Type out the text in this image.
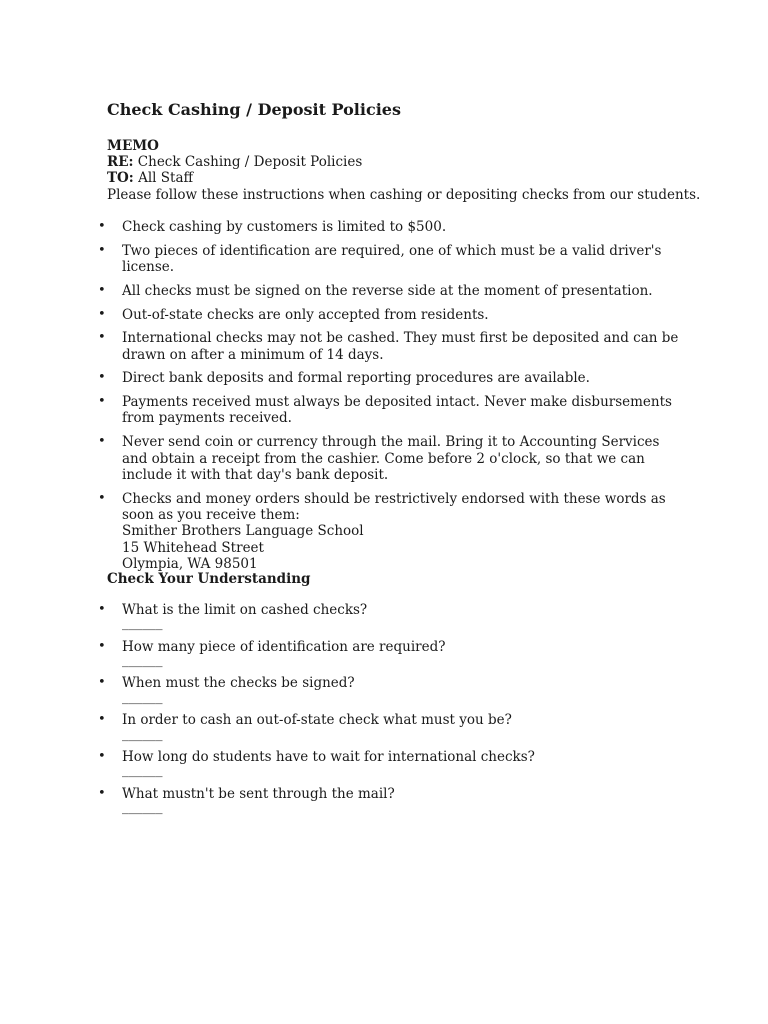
Check Cashing / Deposit Policies
MEMO
RE: Check Cashing / Deposit Policies
TO: All Staff
Please follow these instructions when cashing or depositing checks from our students.
• Check cashing by customers is limited to $500.
• Two pieces of identification are required, one of which must be a valid driver's license.
• All checks must be signed on the reverse side at the moment of presentation.
• Out-of-state checks are only accepted from residents.
• International checks may not be cashed. They must first be deposited and can be drawn on after a minimum of 14 days.
• Direct bank deposits and formal reporting procedures are available.
• Payments received must always be deposited intact. Never make disbursements from payments received.
• Never send coin or currency through the mail. Bring it to Accounting Services and obtain a receipt from the cashier. Come before 2 o'clock, so that we can include it with that day's bank deposit.
• Checks and money orders should be restrictively endorsed with these words as soon as you receive them:
Smither Brothers Language School
15 Whitehead Street
Olympia, WA 98501
Check Your Understanding
• What is the limit on cashed checks?
______
• How many piece of identification are required?
______
• When must the checks be signed?
______
• In order to cash an out-of-state check what must you be?
______
• How long do students have to wait for international checks?
______
• What mustn't be sent through the mail?
______
